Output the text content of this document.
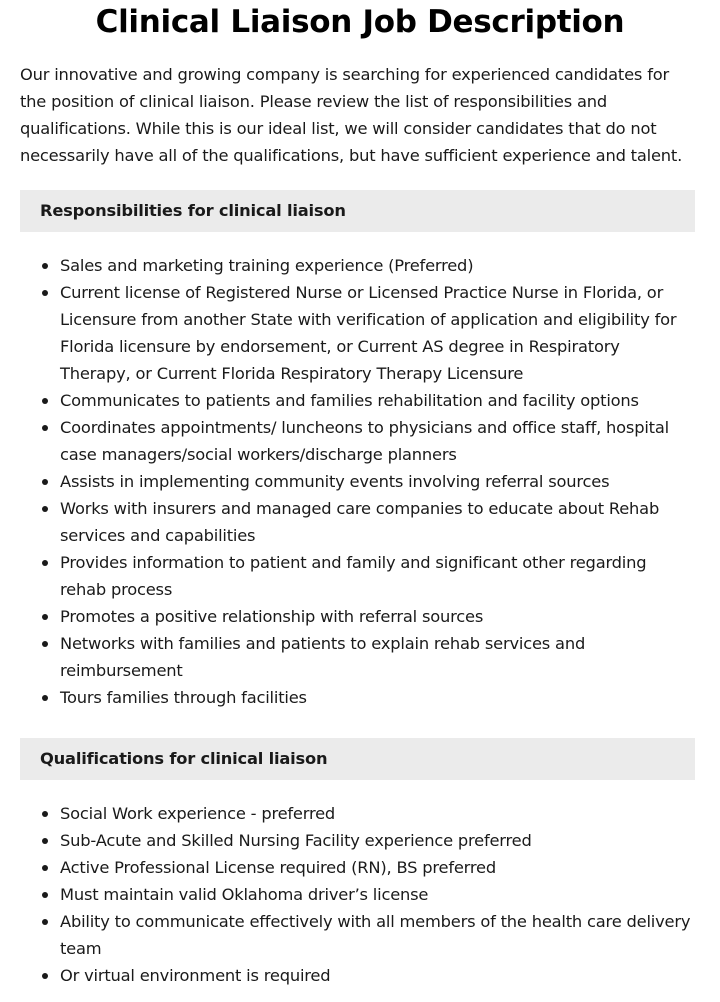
Clinical Liaison Job Description

Our innovative and growing company is searching for experienced candidates for the position of clinical liaison. Please review the list of responsibilities and qualifications. While this is our ideal list, we will consider candidates that do not necessarily have all of the qualifications, but have sufficient experience and talent.

Responsibilities for clinical liaison
Sales and marketing training experience (Preferred)
Current license of Registered Nurse or Licensed Practice Nurse in Florida, or Licensure from another State with verification of application and eligibility for Florida licensure by endorsement, or Current AS degree in Respiratory Therapy, or Current Florida Respiratory Therapy Licensure
Communicates to patients and families rehabilitation and facility options
Coordinates appointments/ luncheons to physicians and office staff, hospital case managers/social workers/discharge planners
Assists in implementing community events involving referral sources
Works with insurers and managed care companies to educate about Rehab services and capabilities
Provides information to patient and family and significant other regarding rehab process
Promotes a positive relationship with referral sources
Networks with families and patients to explain rehab services and reimbursement
Tours families through facilities
Qualifications for clinical liaison
Social Work experience - preferred
Sub-Acute and Skilled Nursing Facility experience preferred
Active Professional License required (RN), BS preferred
Must maintain valid Oklahoma driver’s license
Ability to communicate effectively with all members of the health care delivery team
Or virtual environment is required
